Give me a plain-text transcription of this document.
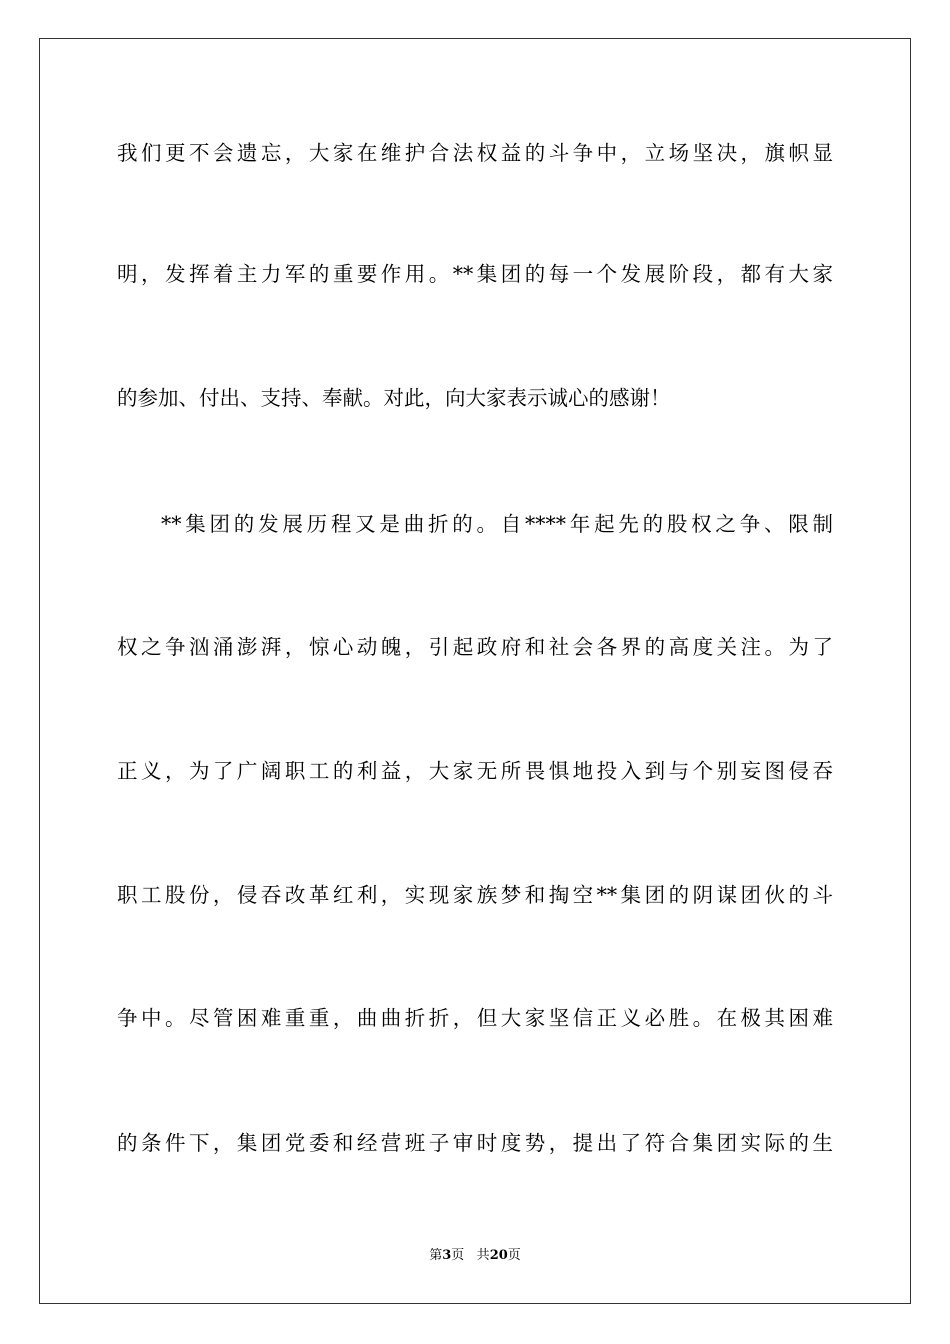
我们更不会遗忘，大家在维护合法权益的斗争中，立场坚决，旗帜显
明，发挥着主力军的重要作用。**集团的每一个发展阶段，都有大家
的参加、付出、支持、奉献。对此，向大家表示诚心的感谢！
**集团的发展历程又是曲折的。自****年起先的股权之争、限制
权之争汹涌澎湃，惊心动魄，引起政府和社会各界的高度关注。为了
正义，为了广阔职工的利益，大家无所畏惧地投入到与个别妄图侵吞
职工股份，侵吞改革红利，实现家族梦和掏空**集团的阴谋团伙的斗
争中。尽管困难重重，曲曲折折，但大家坚信正义必胜。在极其困难
的条件下，集团党委和经营班子审时度势，提出了符合集团实际的生
第3页 共20页
